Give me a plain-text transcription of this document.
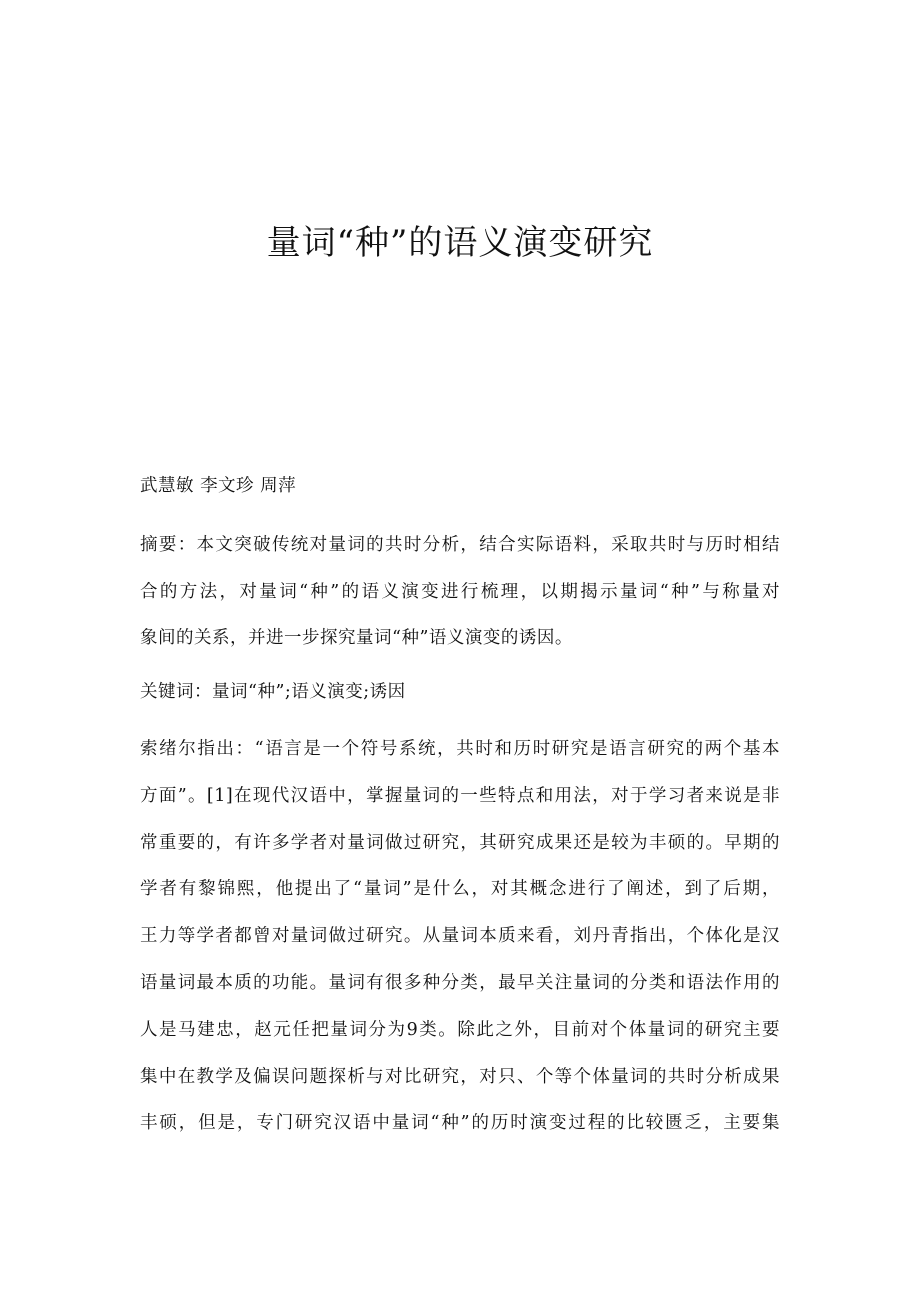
量词“种”的语义演变研究
武慧敏 李文珍 周萍
摘要：本文突破传统对量词的共时分析，结合实际语料，采取共时与历时相结
合的方法，对量词“种”的语义演变进行梳理，以期揭示量词“种”与称量对
象间的关系，并进一步探究量词“种”语义演变的诱因。
关键词：量词“种”;语义演变;诱因
索绪尔指出：“语言是一个符号系统，共时和历时研究是语言研究的两个基本
方面”。[1]在现代汉语中，掌握量词的一些特点和用法，对于学习者来说是非
常重要的，有许多学者对量词做过研究，其研究成果还是较为丰硕的。早期的
学者有黎锦熙，他提出了“量词”是什么，对其概念进行了阐述，到了后期，
王力等学者都曾对量词做过研究。从量词本质来看，刘丹青指出，个体化是汉
语量词最本质的功能。量词有很多种分类，最早关注量词的分类和语法作用的
人是马建忠，赵元任把量词分为9类。除此之外，目前对个体量词的研究主要
集中在教学及偏误问题探析与对比研究，对只、个等个体量词的共时分析成果
丰硕，但是，专门研究汉语中量词“种”的历时演变过程的比较匮乏，主要集
